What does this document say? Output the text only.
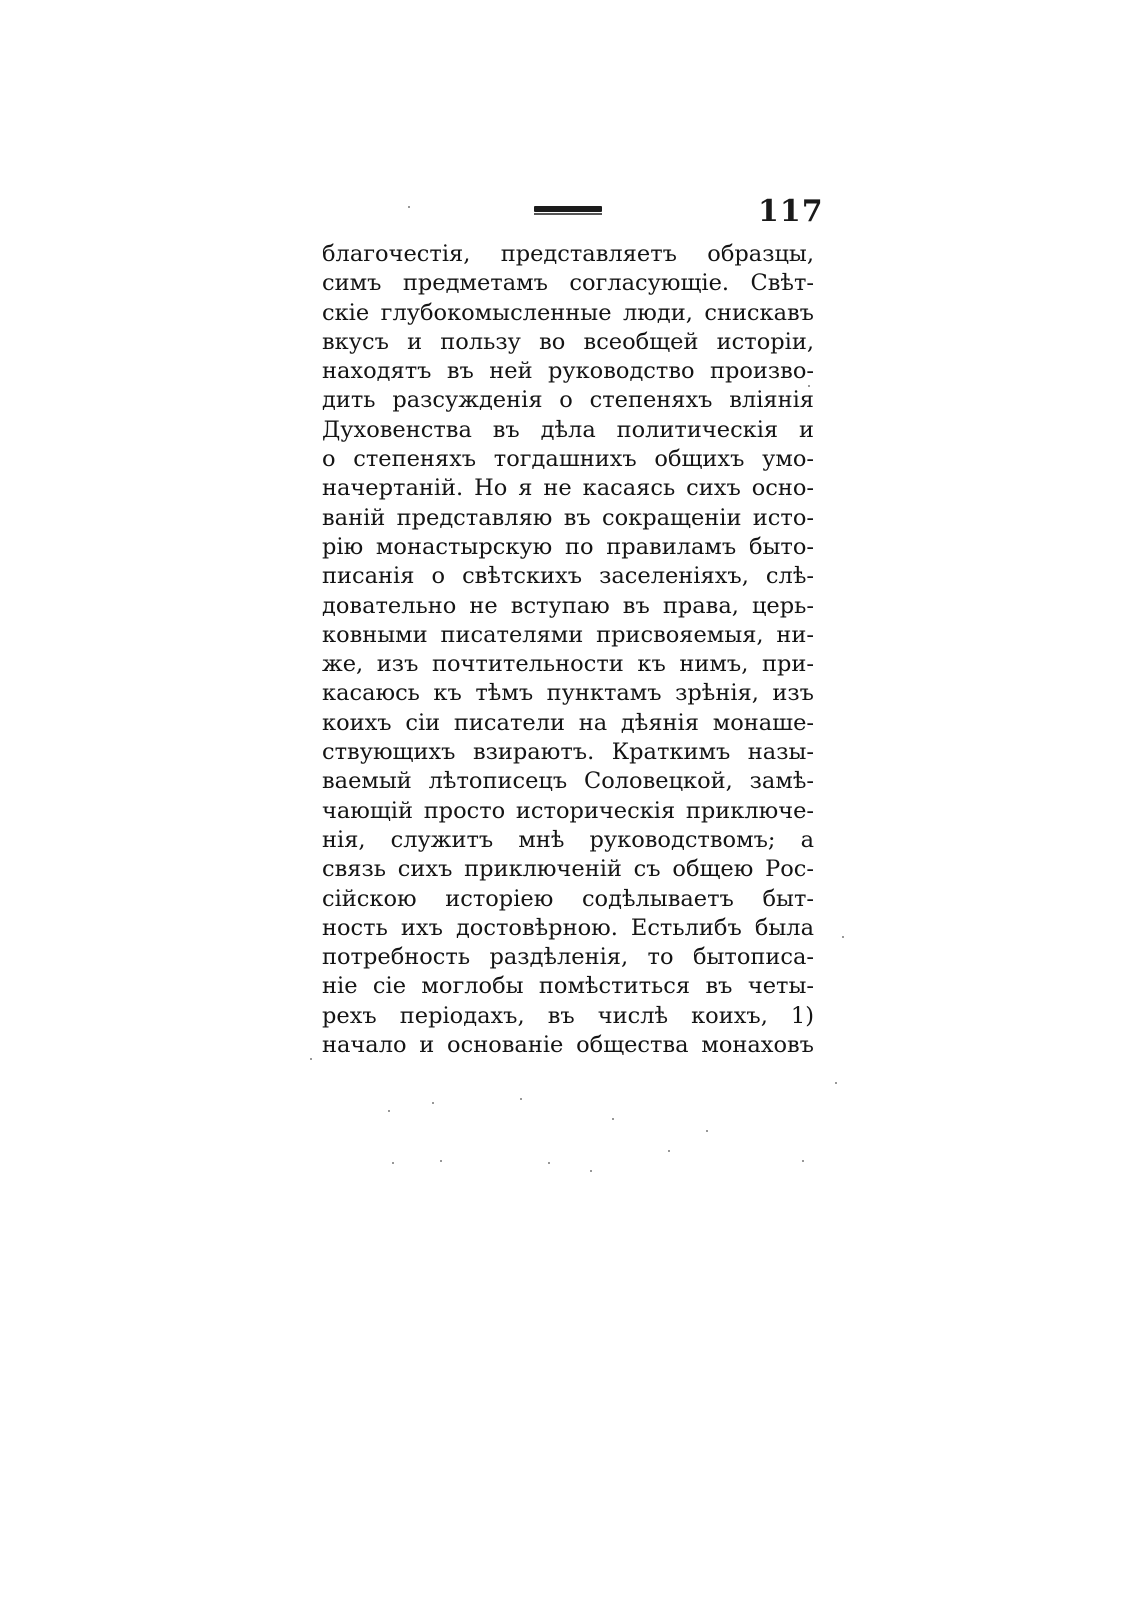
117
благочестія, представляетъ образцы,
симъ предметамъ согласующіе. Свѣт-
скіе глубокомысленные люди, снискавъ
вкусъ и пользу во всеобщей исторіи,
находятъ въ ней руководство произво-
дить разсужденія о степеняхъ вліянія
Духовенства въ дѣла политическія и
о степеняхъ тогдашнихъ общихъ умо-
начертаній. Но я не касаясь сихъ осно-
ваній представляю въ сокращеніи исто-
рію монастырскую по правиламъ бытo-
писанія о свѣтскихъ заселеніяхъ, слѣ-
довательно не вступаю въ права, церь-
ковными писателями присвояемыя, ни-
же, изъ почтительности къ нимъ, при-
касаюсь къ тѣмъ пунктамъ зрѣнія, изъ
коихъ сіи писатели на дѣянія монаше-
ствующихъ взираютъ. Краткимъ назы-
ваемый лѣтописецъ Соловецкой, замѣ-
чающій просто историческія приключе-
нія, служитъ мнѣ руководствомъ; а
связь сихъ приключеній съ общею Рос-
сійскою исторіею содѣлываетъ быт-
ность ихъ достовѣрною. Естьлибъ была
потребность раздѣленія, то бытописа-
ніе сіе моглобы помѣститься въ четы-
рехъ періодахъ, въ числѣ коихъ, 1)
начало и основаніе общества монаховъ
